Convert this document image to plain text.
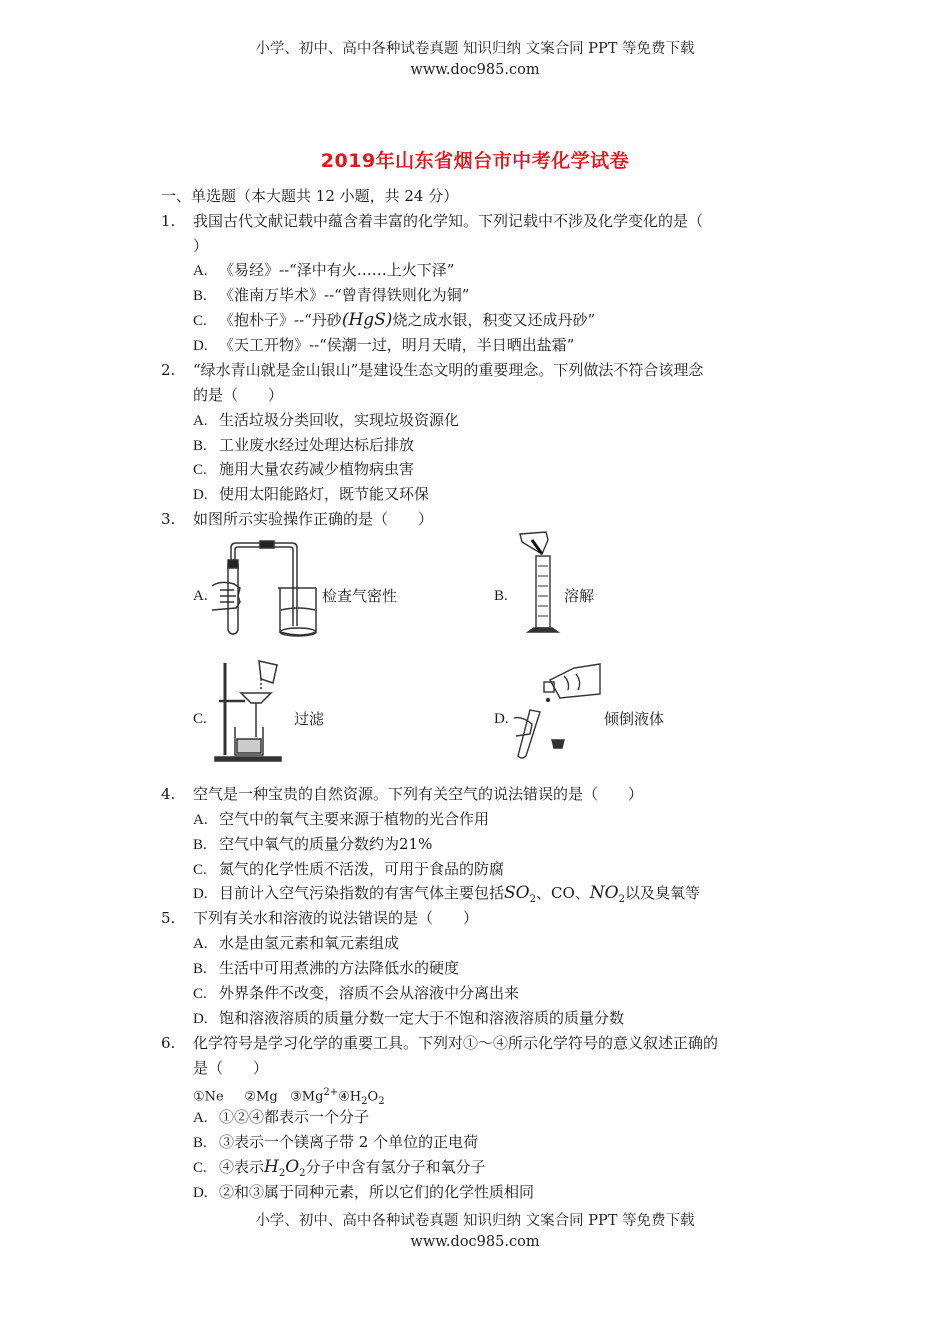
小学、初中、高中各种试卷真题 知识归纳 文案合同 PPT 等免费下载
www.doc985.com
2019年山东省烟台市中考化学试卷
一、单选题（本大题共 12 小题，共 24 分）
1. 我国古代文献记载中蕴含着丰富的化学知。下列记载中不涉及化学变化的是（
）
A. 《易经》--“泽中有火……上火下泽”
B. 《淮南万毕术》--“曾青得铁则化为铜”
C. 《抱朴子》--“丹砂(HgS)烧之成水银，积变又还成丹砂”
D. 《天工开物》--“侯潮一过，明月天晴，半日晒出盐霜”
2. “绿水青山就是金山银山”是建设生态文明的重要理念。下列做法不符合该理念
的是（　　）
A. 生活垃圾分类回收，实现垃圾资源化
B. 工业废水经过处理达标后排放
C. 施用大量农药减少植物病虫害
D. 使用太阳能路灯，既节能又环保
3. 如图所示实验操作正确的是（　　）
A.	检查气密性	B.	溶解
C.	过滤	D.	倾倒液体
4. 空气是一种宝贵的自然资源。下列有关空气的说法错误的是（　　）
A. 空气中的氧气主要来源于植物的光合作用
B. 空气中氧气的质量分数约为21%
C. 氮气的化学性质不活泼，可用于食品的防腐
D. 目前计入空气污染指数的有害气体主要包括$SO_2$、CO、$NO_2$以及臭氧等
5. 下列有关水和溶液的说法错误的是（　　）
A. 水是由氢元素和氧元素组成
B. 生活中可用煮沸的方法降低水的硬度
C. 外界条件不改变，溶质不会从溶液中分离出来
D. 饱和溶液溶质的质量分数一定大于不饱和溶液溶质的质量分数
6. 化学符号是学习化学的重要工具。下列对①～④所示化学符号的意义叙述正确的
是（　　）
①Ne ②Mg $③Mg^{2+}④H_2O_2$
A. ①②④都表示一个分子
B. ③表示一个镁离子带 2 个单位的正电荷
C. ④表示$H_2O_2$分子中含有氢分子和氧分子
D. ②和③属于同种元素，所以它们的化学性质相同
小学、初中、高中各种试卷真题 知识归纳 文案合同 PPT 等免费下载
www.doc985.com
